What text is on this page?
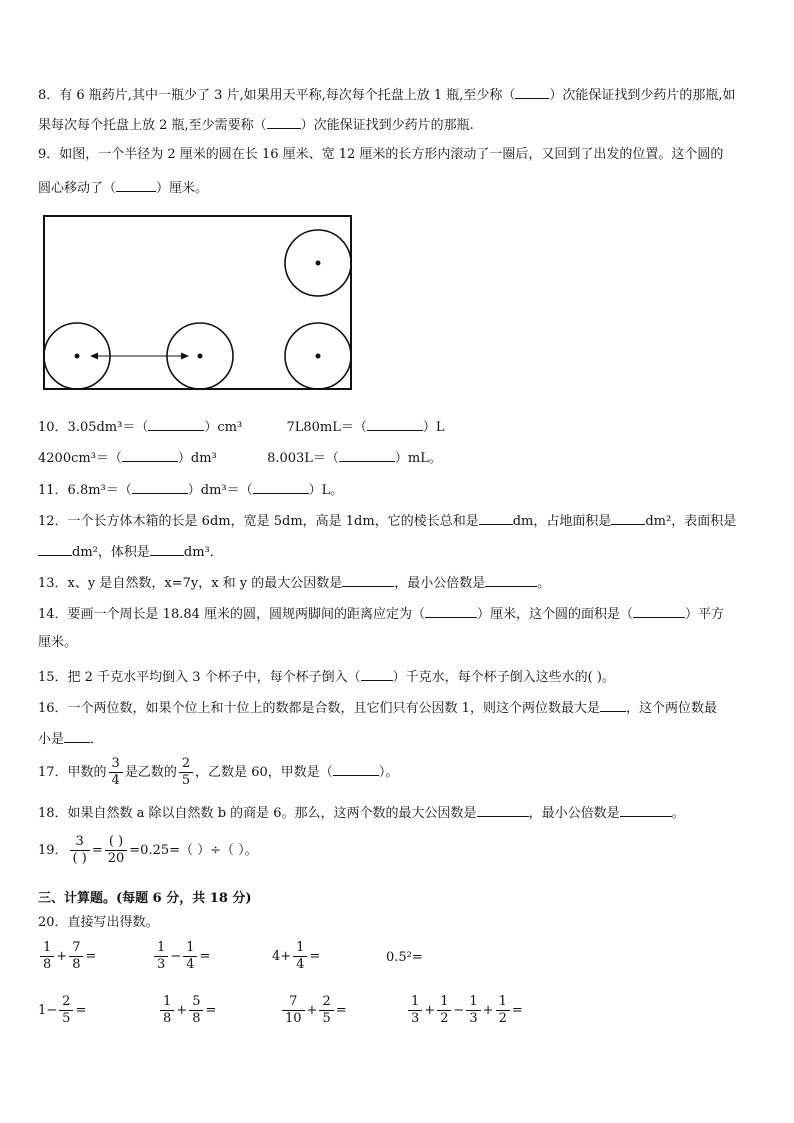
8．有 6 瓶药片,其中一瓶少了 3 片,如果用天平称,每次每个托盘上放 1 瓶,至少称（	）次能保证找到少药片的那瓶,如
果每次每个托盘上放 2 瓶,至少需要称（	）次能保证找到少药片的那瓶.
9．如图，一个半径为 2 厘米的圆在长 16 厘米、宽 12 厘米的长方形内滚动了一圈后，又回到了出发的位置。这个圆的
圆心移动了（	）厘米。
10．3.05dm³＝（	）cm³	7L80mL＝（	）L
4200cm³＝（	）dm³	8.003L＝（	）mL。
11．6.8m³＝（	）dm³＝（	）L。
12．一个长方体木箱的长是 6dm，宽是 5dm，高是 1dm，它的棱长总和是	dm，占地面积是	dm²，表面积是
dm²，体积是	dm³．
13．x、y 是自然数，x=7y，x 和 y 的最大公因数是	，最小公倍数是	。
14．要画一个周长是 18.84 厘米的圆，圆规两脚间的距离应定为（	）厘米，这个圆的面积是（	）平方
厘米。
15．把 2 千克水平均倒入 3 个杯子中，每个杯子倒入（ ）千克水，每个杯子倒入这些水的( )。
16．一个两位数，如果个位上和十位上的数都是合数，且它们只有公因数 1，则这个两位数最大是 ，这个两位数最
小是 ．
17．甲数的 $\frac{3}{4}$ 是乙数的 $\frac{2}{5}$ ，乙数是 60，甲数是（	）。
18．如果自然数 a 除以自然数 b 的商是 6。那么，这两个数的最大公因数是	，最小公倍数是	。
19． $\frac{3}{( )} = \frac{( )}{20} =0.25=$（ ）÷（ ）。
三、计算题。(每题 6 分，共 18 分)
20．直接写出得数。
$\frac{1}{8} + \frac{7}{8}$ =	$\frac{1}{3} - \frac{1}{4}$ =	$4+ \frac{1}{4}$ =	0.5²=
$1- \frac{2}{5}$ =	$\frac{1}{8} + \frac{5}{8}$ =	$\frac{7}{10} + \frac{2}{5}$ =	$\frac{1}{3} + \frac{1}{2} - \frac{1}{3} + \frac{1}{2}$ =
